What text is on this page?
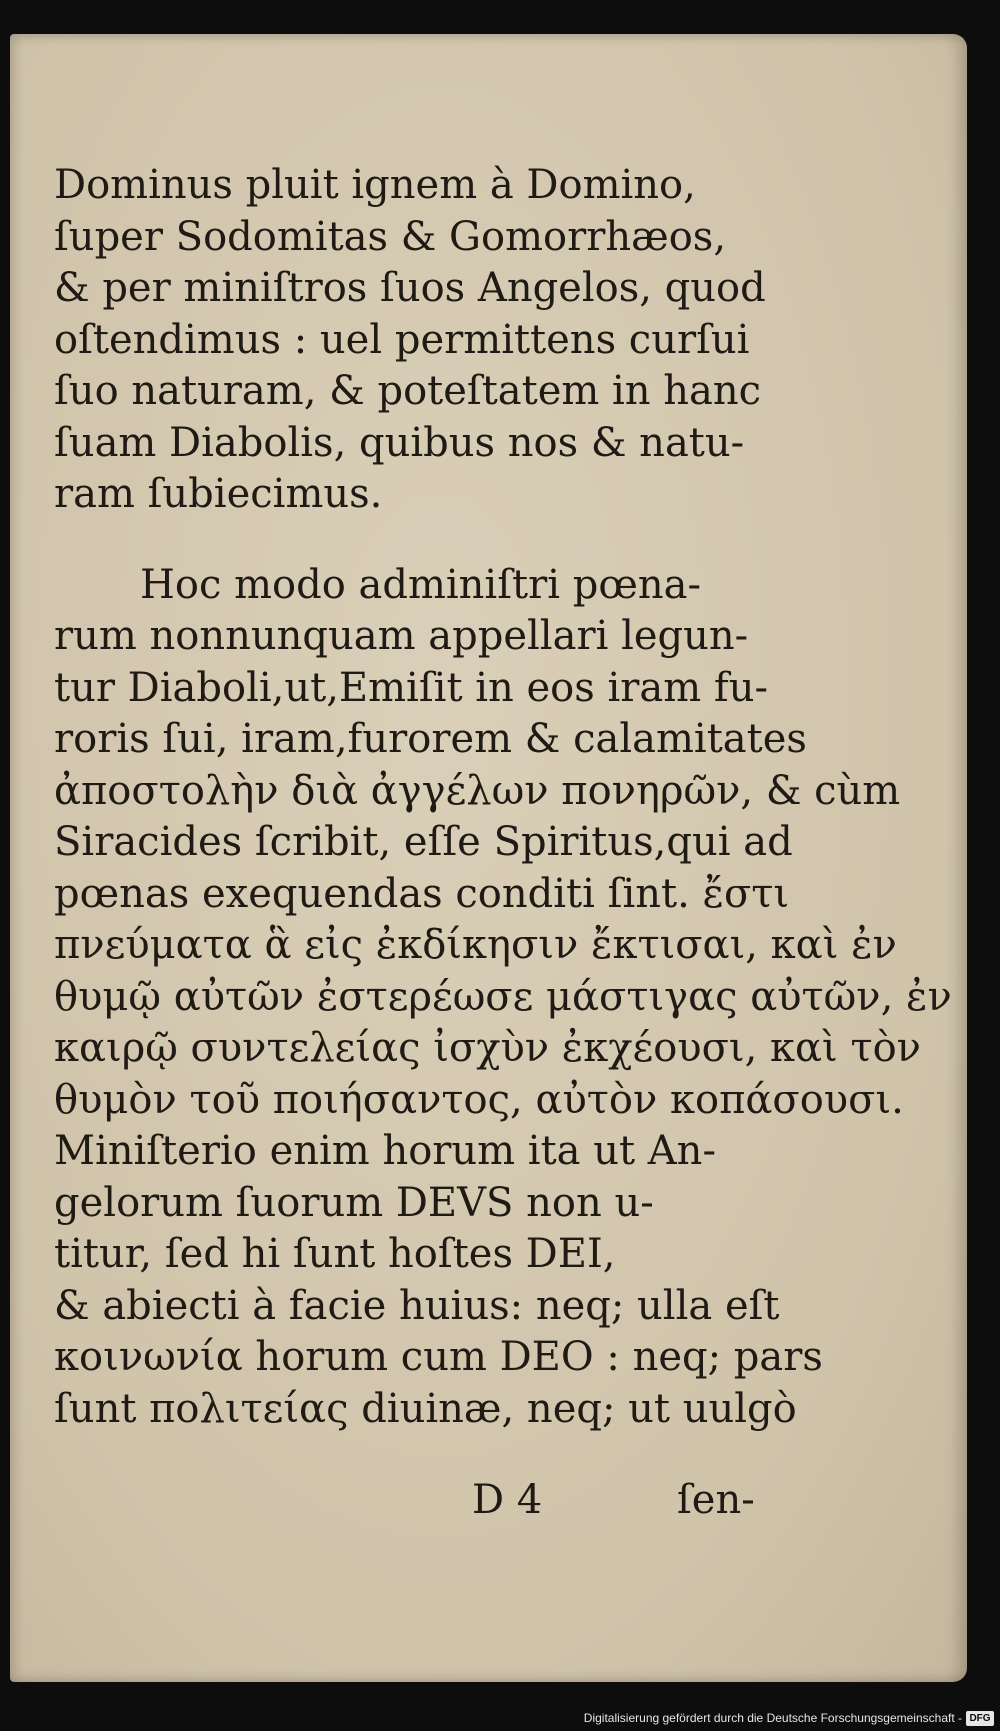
Dominus pluit ignem à Domino,
ſuper Sodomitas & Gomorrhæos,
& per miniſtros ſuos Angelos, quod
oſtendimus : uel permittens curſui
ſuo naturam, & poteſtatem in hanc
ſuam Diabolis, quibus nos & natu-
ram ſubiecimus.
Hoc modo adminiſtri pœna-
rum nonnunquam appellari legun-
tur Diaboli,ut,Emiſit in eos iram fu-
roris ſui, iram,furorem & calamitates
ἀποστολὴν διὰ ἀγγέλων πονηρῶν, & cùm
Siracides ſcribit, eſſe Spiritus,qui ad
pœnas exequendas conditi ſint. ἔστι
πνεύματα ἃ εἰς ἐκδίκησιν ἔκτισαι, καὶ ἐν
θυμῷ αὐτῶν ἐστερέωσε μάστιγας αὐτῶν, ἐν
καιρῷ συντελείας ἰσχὺν ἐκχέουσι, καὶ τὸν
θυμὸν τοῦ ποιήσαντος, αὐτὸν κοπάσουσι.
Miniſterio enim horum ita ut An-
gelorum ſuorum DEVS non u-
titur, ſed hi ſunt hoſtes DEI,
& abiecti à facie huius: neq; ulla eſt
κοινωνία horum cum DEO : neq; pars
ſunt πολιτείας diuinæ, neq; ut uulgò
D 4	ſen-
Digitalisierung gefördert durch die Deutsche Forschungsgemeinschaft - DFG
